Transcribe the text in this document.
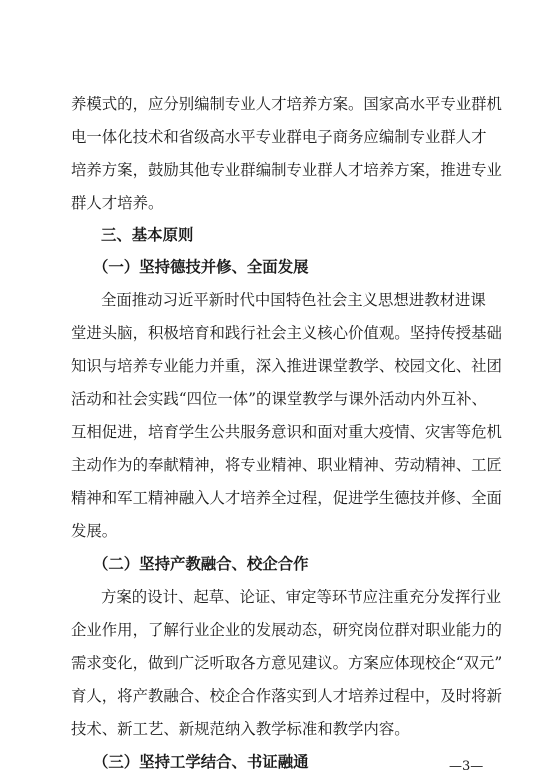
养模式的，应分别编制专业人才培养方案。国家高水平专业群机
电一体化技术和省级高水平专业群电子商务应编制专业群人才
培养方案，鼓励其他专业群编制专业群人才培养方案，推进专业
群人才培养。
三、基本原则
（一）坚持德技并修、全面发展
全面推动习近平新时代中国特色社会主义思想进教材进课
堂进头脑，积极培育和践行社会主义核心价值观。坚持传授基础
知识与培养专业能力并重，深入推进课堂教学、校园文化、社团
活动和社会实践“四位一体”的课堂教学与课外活动内外互补、
互相促进，培育学生公共服务意识和面对重大疫情、灾害等危机
主动作为的奉献精神，将专业精神、职业精神、劳动精神、工匠
精神和军工精神融入人才培养全过程，促进学生德技并修、全面
发展。
（二）坚持产教融合、校企合作
方案的设计、起草、论证、审定等环节应注重充分发挥行业
企业作用，了解行业企业的发展动态，研究岗位群对职业能力的
需求变化，做到广泛听取各方意见建议。方案应体现校企“双元”
育人，将产教融合、校企合作落实到人才培养过程中，及时将新
技术、新工艺、新规范纳入教学标准和教学内容。
（三）坚持工学结合、书证融通	—3—
